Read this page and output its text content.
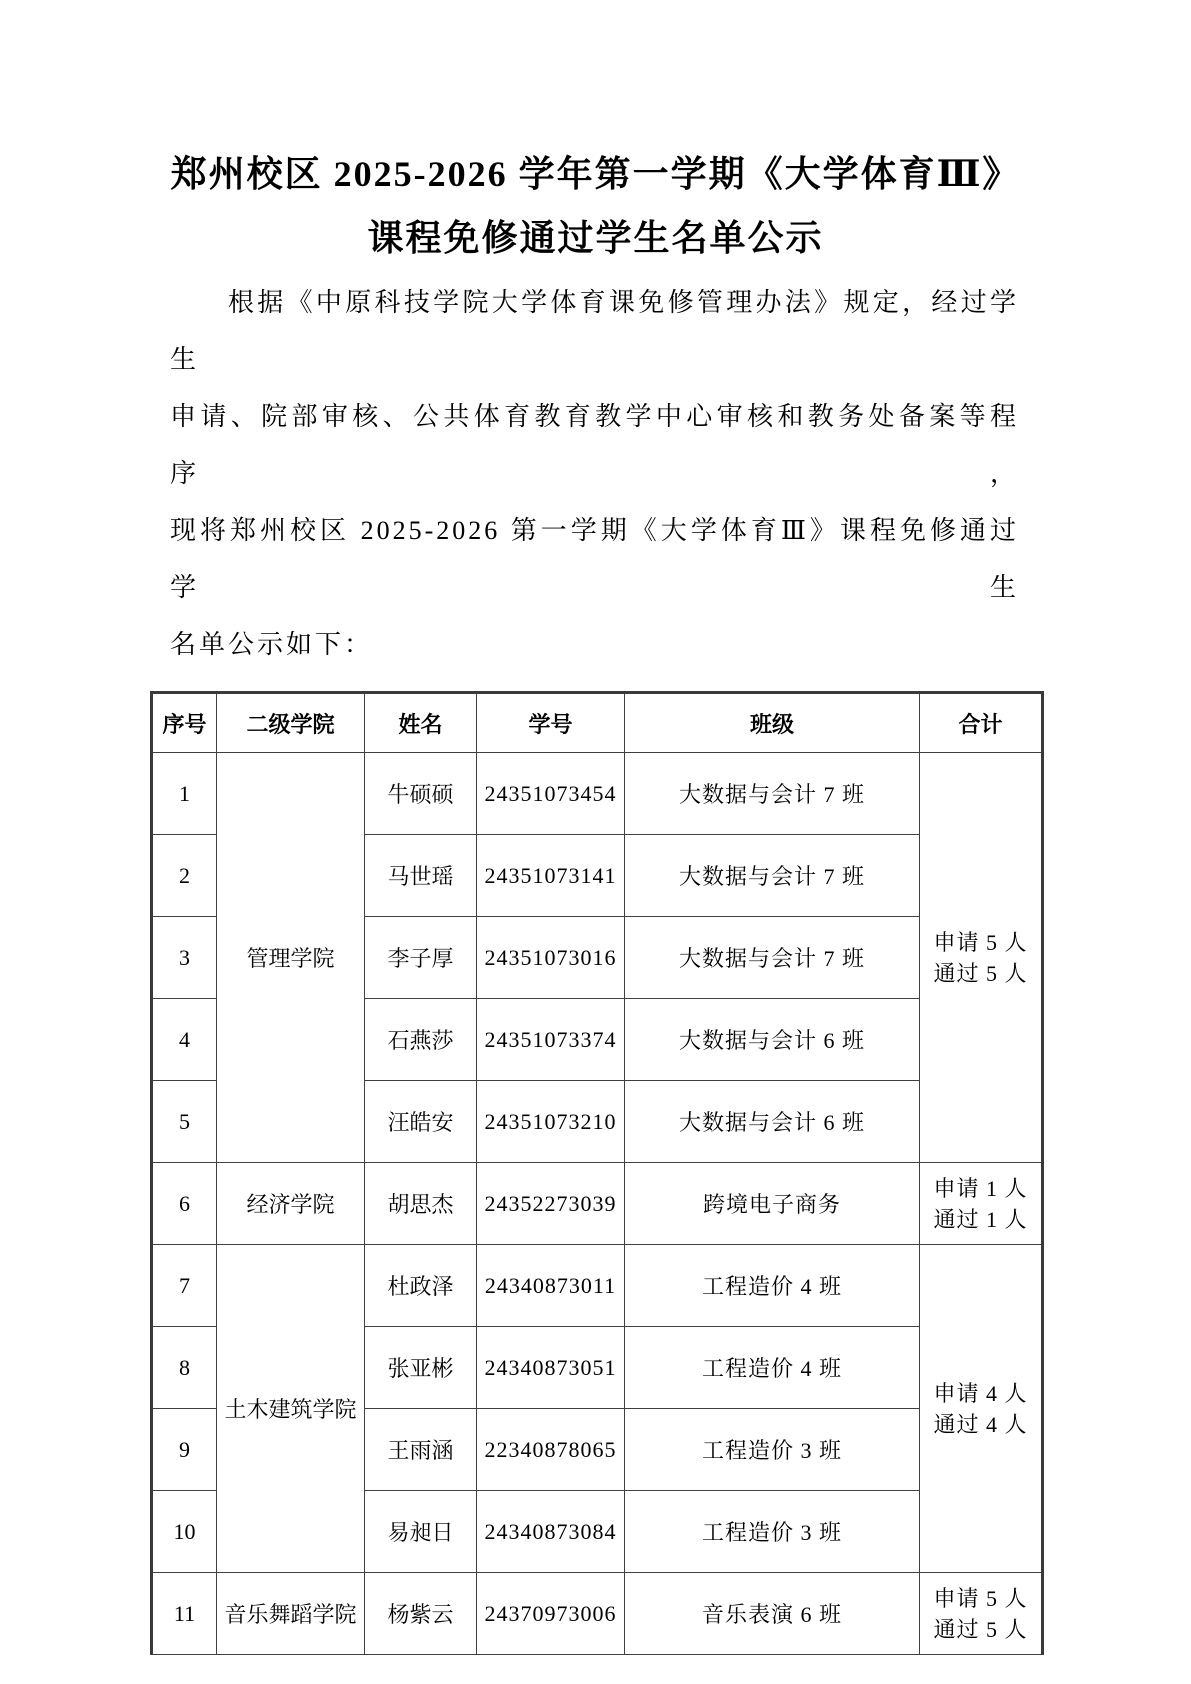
郑州校区 2025-2026 学年第一学期《大学体育Ⅲ》
课程免修通过学生名单公示
根据《中原科技学院大学体育课免修管理办法》规定，经过学生
申请、院部审核、公共体育教育教学中心审核和教务处备案等程序，
现将郑州校区 2025-2026 第一学期《大学体育Ⅲ》课程免修通过学生
名单公示如下：
序号	二级学院	姓名	学号	班级	合计
1	管理学院	牛硕硕	24351073454	大数据与会计 7 班	申请 5 人
通过 5 人
2		马世瑶	24351073141	大数据与会计 7 班	
3		李子厚	24351073016	大数据与会计 7 班	
4		石燕莎	24351073374	大数据与会计 6 班	
5		汪皓安	24351073210	大数据与会计 6 班	
6	经济学院	胡思杰	24352273039	跨境电子商务	申请 1 人
通过 1 人
7	土木建筑学院	杜政泽	24340873011	工程造价 4 班	申请 4 人
通过 4 人
8		张亚彬	24340873051	工程造价 4 班	
9		王雨涵	22340878065	工程造价 3 班	
10		易昶日	24340873084	工程造价 3 班	
11	音乐舞蹈学院	杨紫云	24370973006	音乐表演 6 班	申请 5 人
通过 5 人
